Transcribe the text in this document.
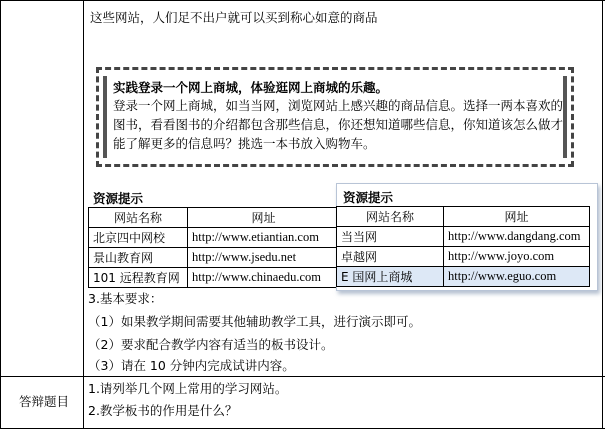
这些网站，人们足不出户就可以买到称心如意的商品
实践登录一个网上商城，体验逛网上商城的乐趣。
登录一个网上商城，如当当网，浏览网站上感兴趣的商品信息。选择一两本喜欢的
图书，看看图书的介绍都包含那些信息，你还想知道哪些信息，你知道该怎么做才
能了解更多的信息吗？挑选一本书放入购物车。
资源提示
网站名称	网址
北京四中网校	http://www.etiantian.com
景山教育网	http://www.jsedu.net
101 远程教育网	http://www.chinaedu.com
资源提示
网站名称	网址
当当网	http://www.dangdang.com
卓越网	http://www.joyo.com
E 国网上商城	http://www.eguo.com
3.基本要求：
（1）如果教学期间需要其他辅助教学工具，进行演示即可。
（2）要求配合教学内容有适当的板书设计。
（3）请在 10 分钟内完成试讲内容。
答辩题目
1.请列举几个网上常用的学习网站。
2.教学板书的作用是什么？
